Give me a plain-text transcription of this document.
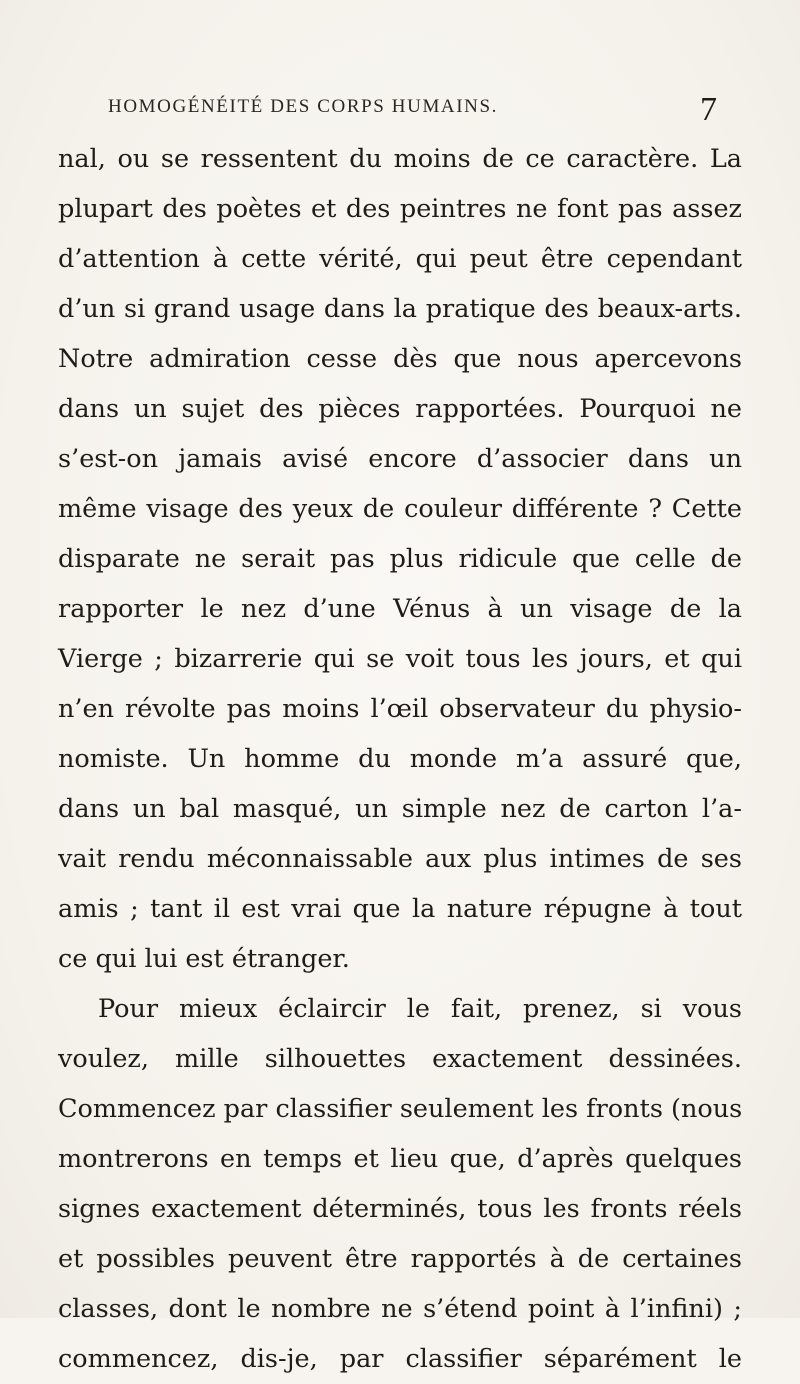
HOMOGÉNÉITÉ DES CORPS HUMAINS.	7
nal, ou se ressentent du moins de ce caractère. La
plupart des poètes et des peintres ne font pas assez
d’attention à cette vérité, qui peut être cependant
d’un si grand usage dans la pratique des beaux-arts.
Notre admiration cesse dès que nous apercevons
dans un sujet des pièces rapportées. Pourquoi ne
s’est-on jamais avisé encore d’associer dans un
même visage des yeux de couleur différente ? Cette
disparate ne serait pas plus ridicule que celle de
rapporter le nez d’une Vénus à un visage de la
Vierge ; bizarrerie qui se voit tous les jours, et qui
n’en révolte pas moins l’œil observateur du physio-
nomiste. Un homme du monde m’a assuré que,
dans un bal masqué, un simple nez de carton l’a-
vait rendu méconnaissable aux plus intimes de ses
amis ; tant il est vrai que la nature répugne à tout
ce qui lui est étranger.
Pour mieux éclaircir le fait, prenez, si vous
voulez, mille silhouettes exactement dessinées.
Commencez par classifier seulement les fronts (nous
montrerons en temps et lieu que, d’après quelques
signes exactement déterminés, tous les fronts réels
et possibles peuvent être rapportés à de certaines
classes, dont le nombre ne s’étend point à l’infini) ;
commencez, dis-je, par classifier séparément le
